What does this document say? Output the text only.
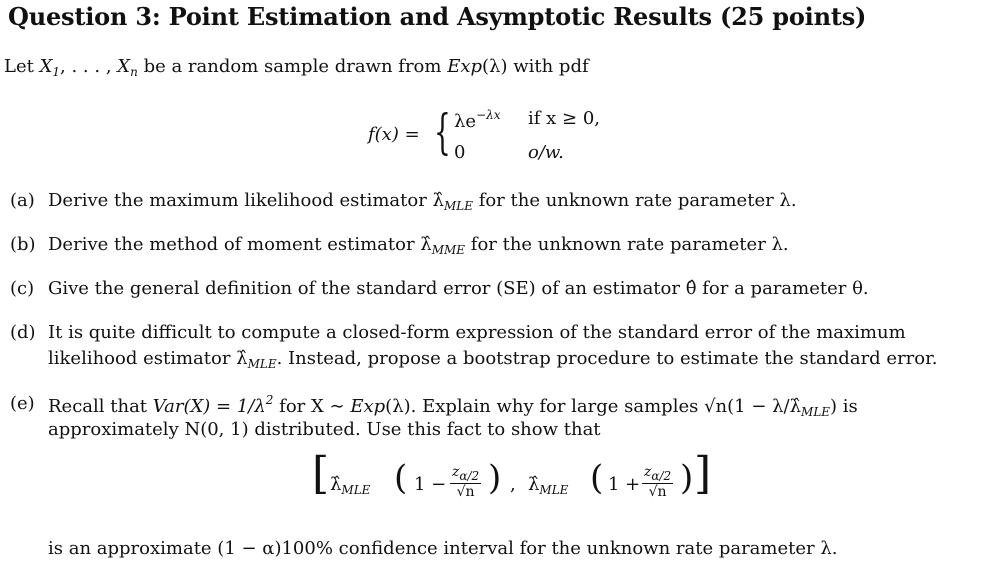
Question 3: Point Estimation and Asymptotic Results (25 points)
Let $X_1$, . . . , $X_n$ be a random sample drawn from Exp(λ) with pdf
f(x) = { $\lambda e^{-\lambda x}$ if x ≥ 0,
0	o/w.
(a) Derive the maximum likelihood estimator $\lambdâ_{MLE}$ for the unknown rate parameter λ.
(b) Derive the method of moment estimator $\lambdâ_{MME}$ for the unknown rate parameter λ.
(c) Give the general definition of the standard error (SE) of an estimator θ̂ for a parameter θ.
(d) It is quite difficult to compute a closed-form expression of the standard error of the maximum
likelihood estimator $\lambdâ_{MLE}$. Instead, propose a bootstrap procedure to estimate the standard error.
(e) Recall that $Var(X) = 1/\lambda^2$ for X ∼ Exp(λ). Explain why for large samples $√n(1 - \lambda/\lambdâ_{MLE})$ is
approximately N(0, 1) distributed. Use this fact to show that
[ $\lambdâ_{MLE}$ ( $1 - \frac{z\alpha/2}{√n}$ ) , $\lambdâ_{MLE}$ ( $1 + \frac{z\alpha/2}{√n}$ ) ]
is an approximate (1 − α)100% confidence interval for the unknown rate parameter λ.
